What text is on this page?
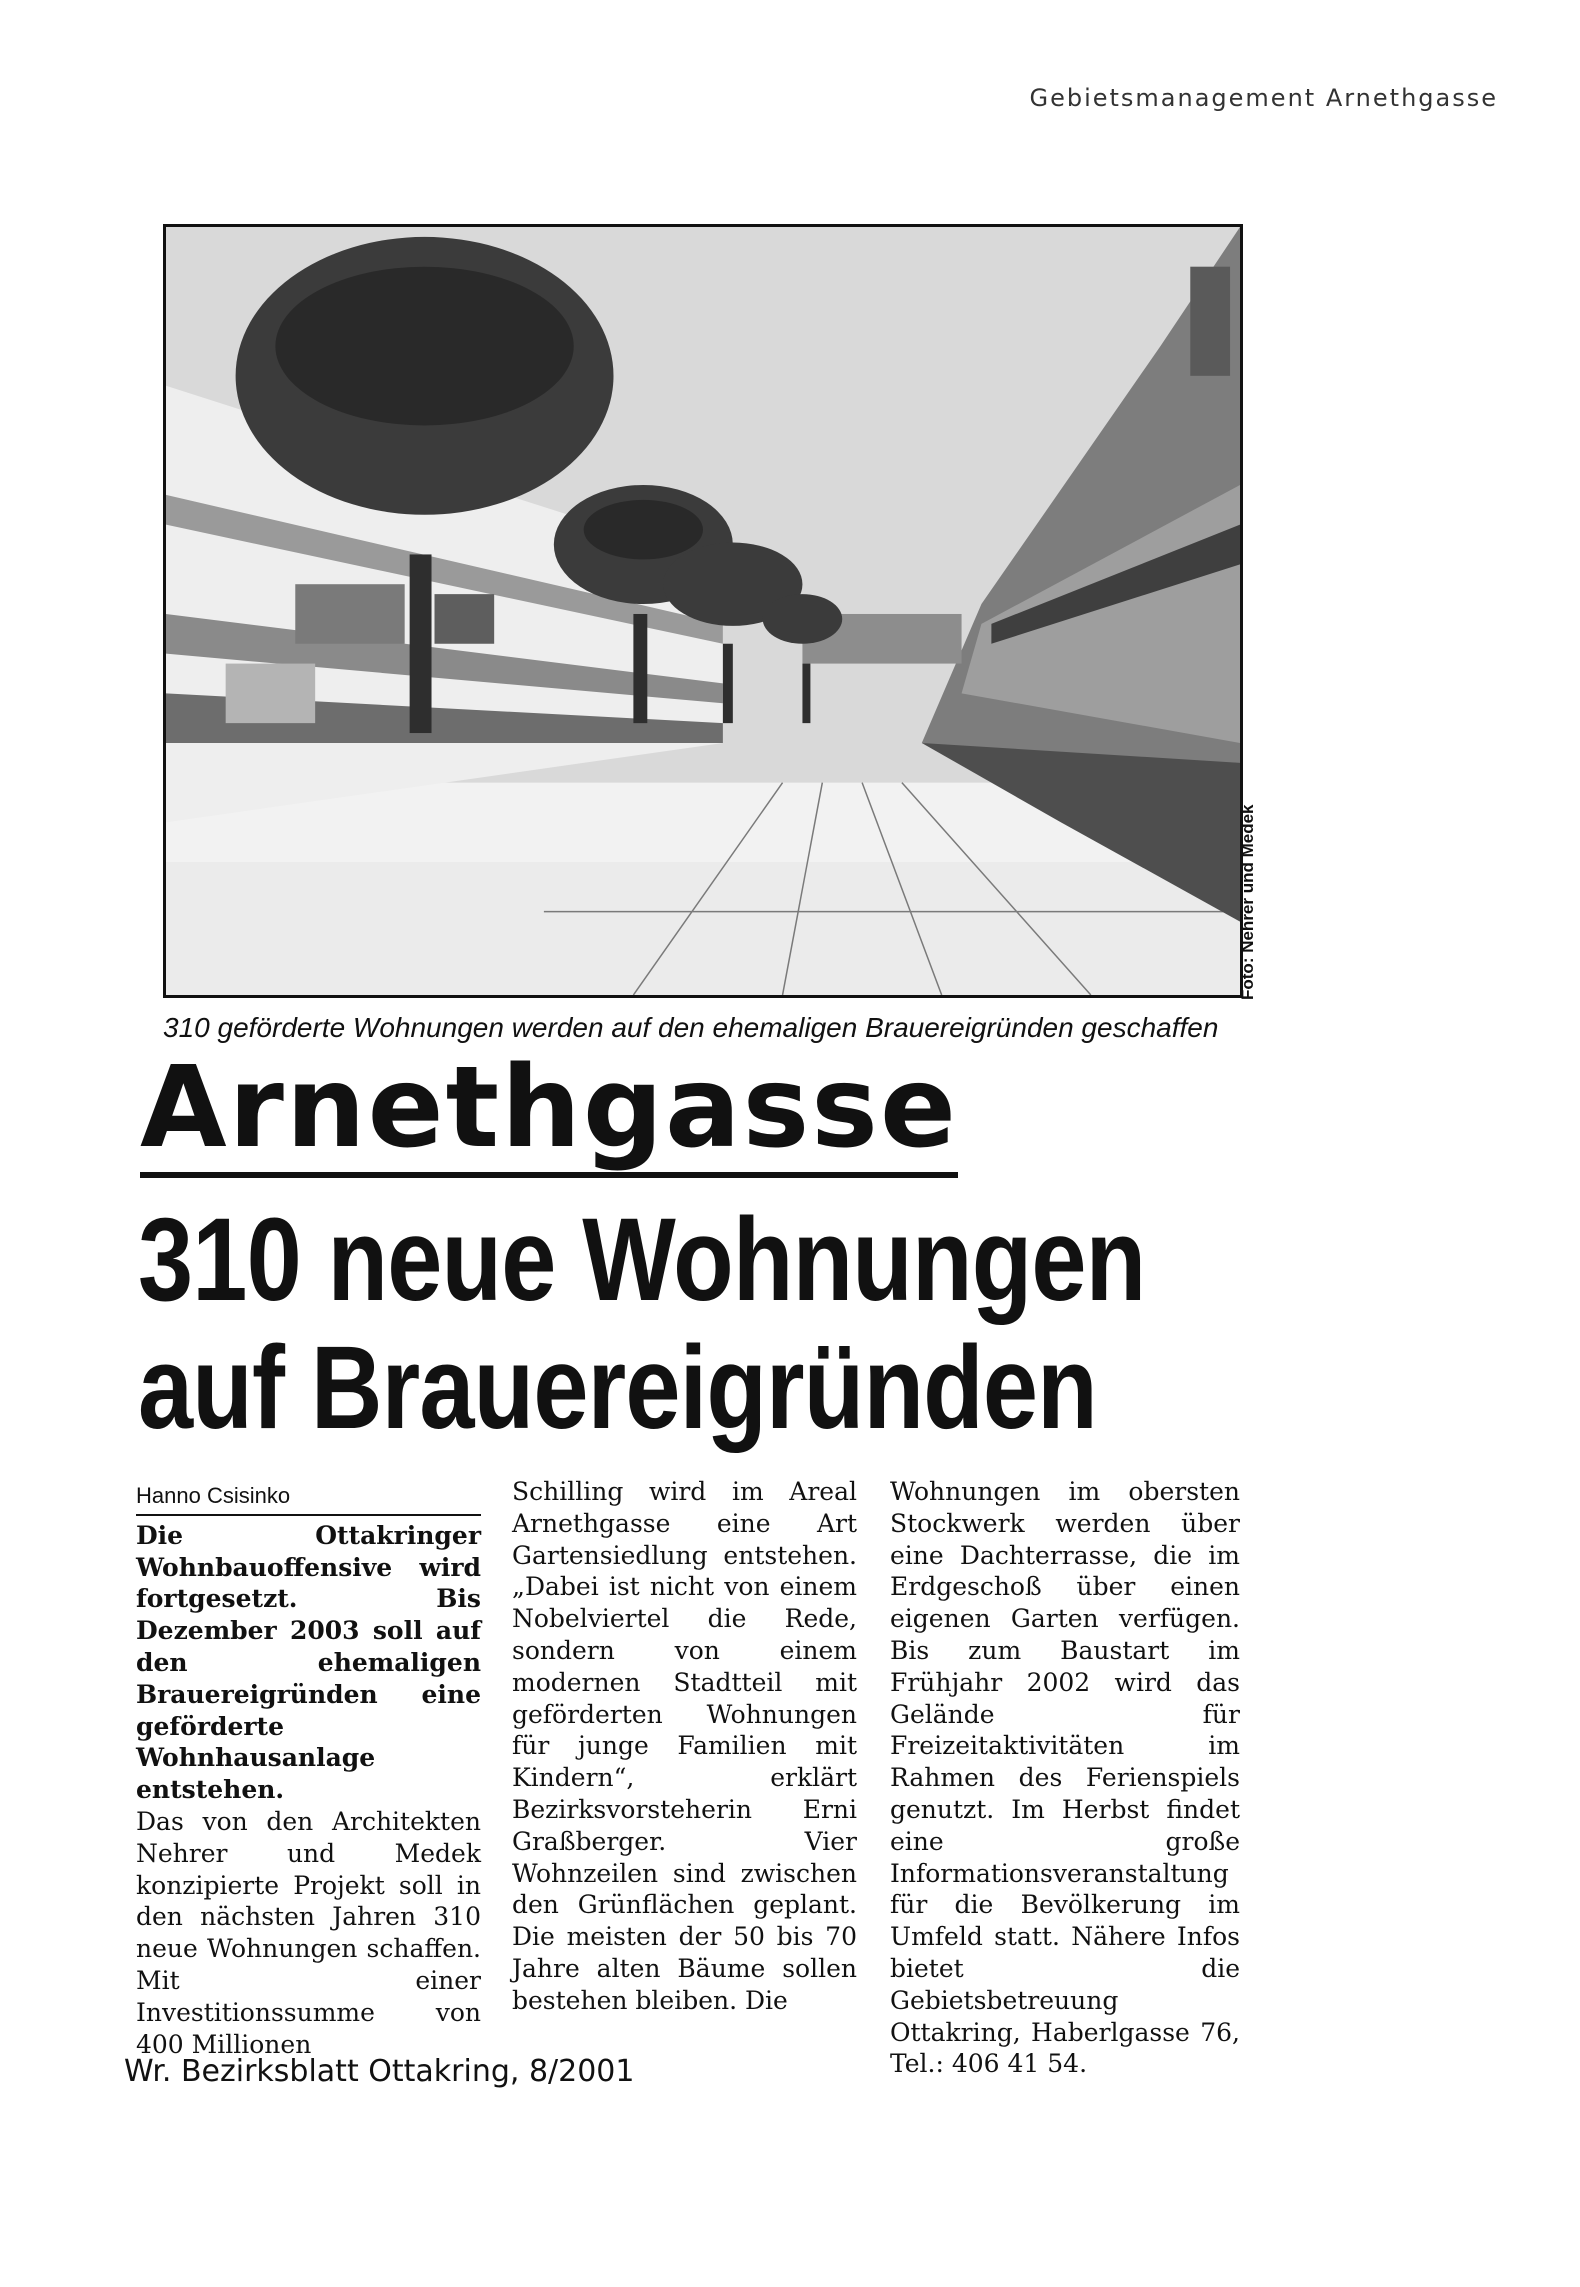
Gebietsmanagement Arnethgasse
Foto: Nehrer und Medek
310 geförderte Wohnungen werden auf den ehemaligen Brauereigründen geschaffen
Arnethgasse
310 neue Wohnungen
auf Brauereigründen
Hanno Csisinko
Die Ottakringer Wohnbauoffensive wird fortgesetzt. Bis Dezember 2003 soll auf den ehemaligen Brauereigründen eine geförderte Wohnhausanlage entstehen.
Das von den Architekten Nehrer und Medek konzipierte Projekt soll in den nächsten Jahren 310 neue Wohnungen schaffen. Mit einer Investitionssumme von 400 Millionen
Schilling wird im Areal Arnethgasse eine Art Gartensiedlung entstehen. „Dabei ist nicht von einem Nobelviertel die Rede, sondern von einem modernen Stadtteil mit geförderten Wohnungen für junge Familien mit Kindern“, erklärt Bezirksvorsteherin Erni Graßberger. Vier Wohnzeilen sind zwischen den Grünflächen geplant. Die meisten der 50 bis 70 Jahre alten Bäume sollen bestehen bleiben. Die
Wohnungen im obersten Stockwerk werden über eine Dachterrasse, die im Erdgeschoß über einen eigenen Garten verfügen. Bis zum Baustart im Frühjahr 2002 wird das Gelände für Freizeitaktivitäten im Rahmen des Ferienspiels genutzt. Im Herbst findet eine große Informationsveranstaltung für die Bevölkerung im Umfeld statt. Nähere Infos bietet die Gebietsbetreuung Ottakring, Haberlgasse 76, Tel.: 406 41 54.
Wr. Bezirksblatt Ottakring, 8/2001
